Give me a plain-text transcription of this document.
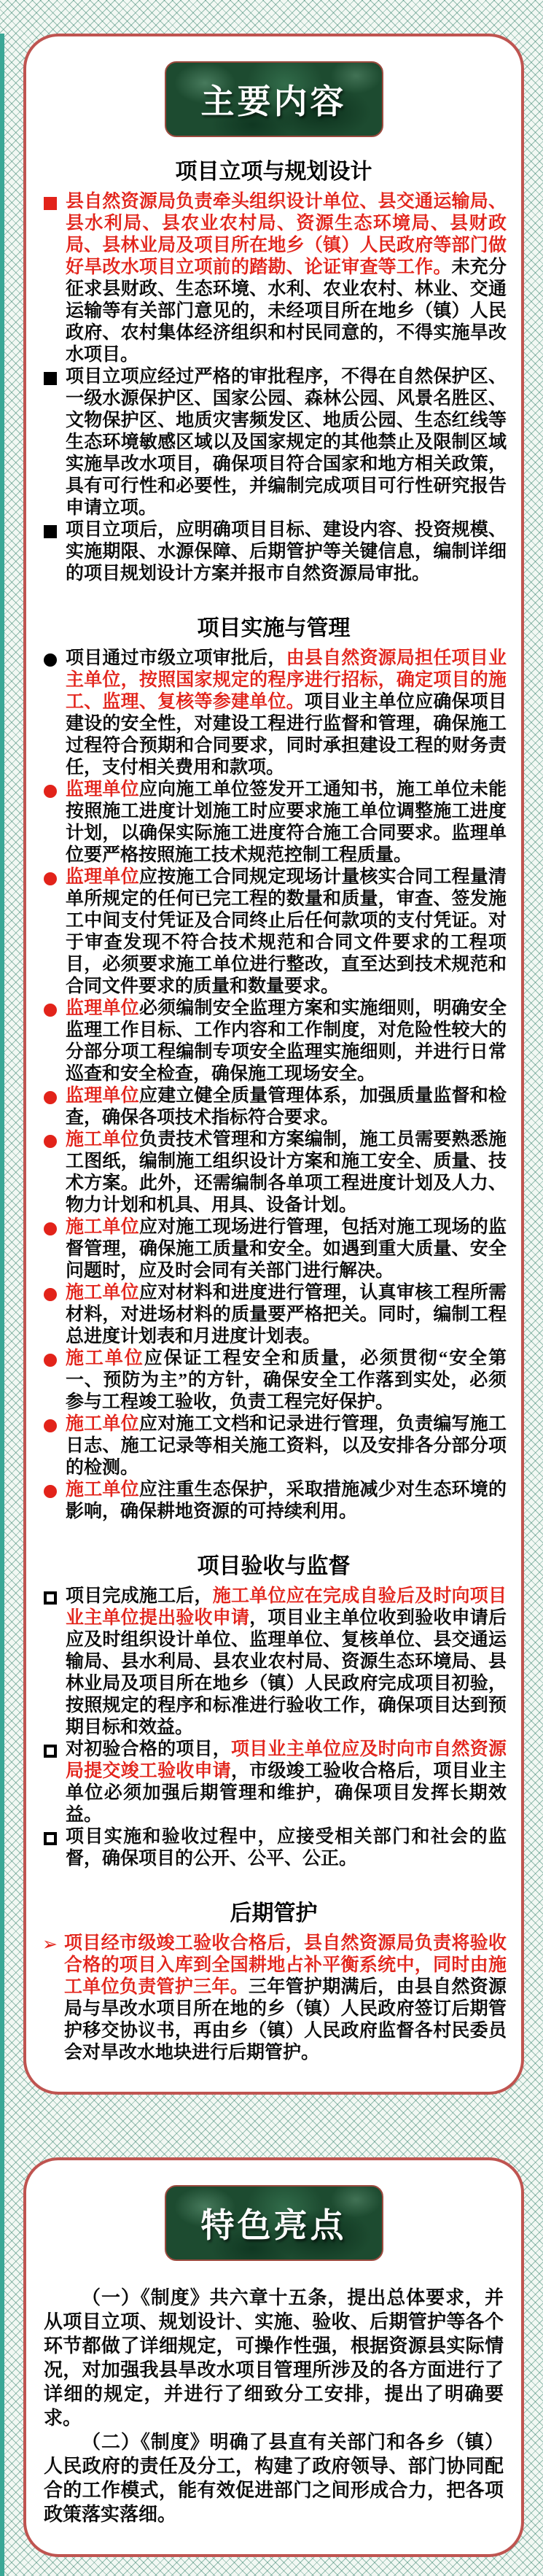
主要内容
项目立项与规划设计

县自然资源局负责牵头组织设计单位、县交通运输局、县水利局、县农业农村局、资源生态环境局、县财政局、县林业局及项目所在地乡（镇）人民政府等部门做好旱改水项目立项前的踏勘、论证审查等工作。未充分征求县财政、生态环境、水利、农业农村、林业、交通运输等有关部门意见的，未经项目所在地乡（镇）人民政府、农村集体经济组织和村民同意的，不得实施旱改水项目。

项目立项应经过严格的审批程序，不得在自然保护区、一级水源保护区、国家公园、森林公园、风景名胜区、文物保护区、地质灾害频发区、地质公园、生态红线等生态环境敏感区域以及国家规定的其他禁止及限制区域实施旱改水项目，确保项目符合国家和地方相关政策，具有可行性和必要性，并编制完成项目可行性研究报告申请立项。

项目立项后，应明确项目目标、建设内容、投资规模、实施期限、水源保障、后期管护等关键信息，编制详细的项目规划设计方案并报市自然资源局审批。

项目实施与管理

项目通过市级立项审批后，由县自然资源局担任项目业主单位，按照国家规定的程序进行招标，确定项目的施工、监理、复核等参建单位。项目业主单位应确保项目建设的安全性，对建设工程进行监督和管理，确保施工过程符合预期和合同要求，同时承担建设工程的财务责任，支付相关费用和款项。

监理单位应向施工单位签发开工通知书，施工单位未能按照施工进度计划施工时应要求施工单位调整施工进度计划，以确保实际施工进度符合施工合同要求。监理单位要严格按照施工技术规范控制工程质量。

监理单位应按施工合同规定现场计量核实合同工程量清单所规定的任何已完工程的数量和质量，审查、签发施工中间支付凭证及合同终止后任何款项的支付凭证。对于审查发现不符合技术规范和合同文件要求的工程项目，必须要求施工单位进行整改，直至达到技术规范和合同文件要求的质量和数量要求。

监理单位必须编制安全监理方案和实施细则，明确安全监理工作目标、工作内容和工作制度，对危险性较大的分部分项工程编制专项安全监理实施细则，并进行日常巡查和安全检查，确保施工现场安全。

监理单位应建立健全质量管理体系，加强质量监督和检查，确保各项技术指标符合要求。

施工单位负责技术管理和方案编制，施工员需要熟悉施工图纸，编制施工组织设计方案和施工安全、质量、技术方案。此外，还需编制各单项工程进度计划及人力、物力计划和机具、用具、设备计划。

施工单位应对施工现场进行管理，包括对施工现场的监督管理，确保施工质量和安全。如遇到重大质量、安全问题时，应及时会同有关部门进行解决。

施工单位应对材料和进度进行管理，认真审核工程所需材料，对进场材料的质量要严格把关。同时，编制工程总进度计划表和月进度计划表。

施工单位应保证工程安全和质量，必须贯彻“安全第一、预防为主”的方针，确保安全工作落到实处，必须参与工程竣工验收，负责工程完好保护。

施工单位应对施工文档和记录进行管理，负责编写施工日志、施工记录等相关施工资料，以及安排各分部分项的检测。

施工单位应注重生态保护，采取措施减少对生态环境的影响，确保耕地资源的可持续利用。

项目验收与监督

项目完成施工后，施工单位应在完成自验后及时向项目业主单位提出验收申请，项目业主单位收到验收申请后应及时组织设计单位、监理单位、复核单位、县交通运输局、县水利局、县农业农村局、资源生态环境局、县林业局及项目所在地乡（镇）人民政府完成项目初验，按照规定的程序和标准进行验收工作，确保项目达到预期目标和效益。

对初验合格的项目，项目业主单位应及时向市自然资源局提交竣工验收申请，市级竣工验收合格后，项目业主单位必须加强后期管理和维护，确保项目发挥长期效益。

项目实施和验收过程中，应接受相关部门和社会的监督，确保项目的公开、公平、公正。

后期管护
➢ 项目经市级竣工验收合格后，县自然资源局负责将验收合格的项目入库到全国耕地占补平衡系统中，同时由施工单位负责管护三年。三年管护期满后，由县自然资源局与旱改水项目所在地的乡（镇）人民政府签订后期管护移交协议书，再由乡（镇）人民政府监督各村民委员会对旱改水地块进行后期管护。

特色亮点

（一）《制度》共六章十五条，提出总体要求，并从项目立项、规划设计、实施、验收、后期管护等各个环节都做了详细规定，可操作性强，根据资源县实际情况，对加强我县旱改水项目管理所涉及的各方面进行了详细的规定，并进行了细致分工安排，提出了明确要求。

（二）《制度》明确了县直有关部门和各乡（镇）人民政府的责任及分工，构建了政府领导、部门协同配合的工作模式，能有效促进部门之间形成合力，把各项政策落实落细。
